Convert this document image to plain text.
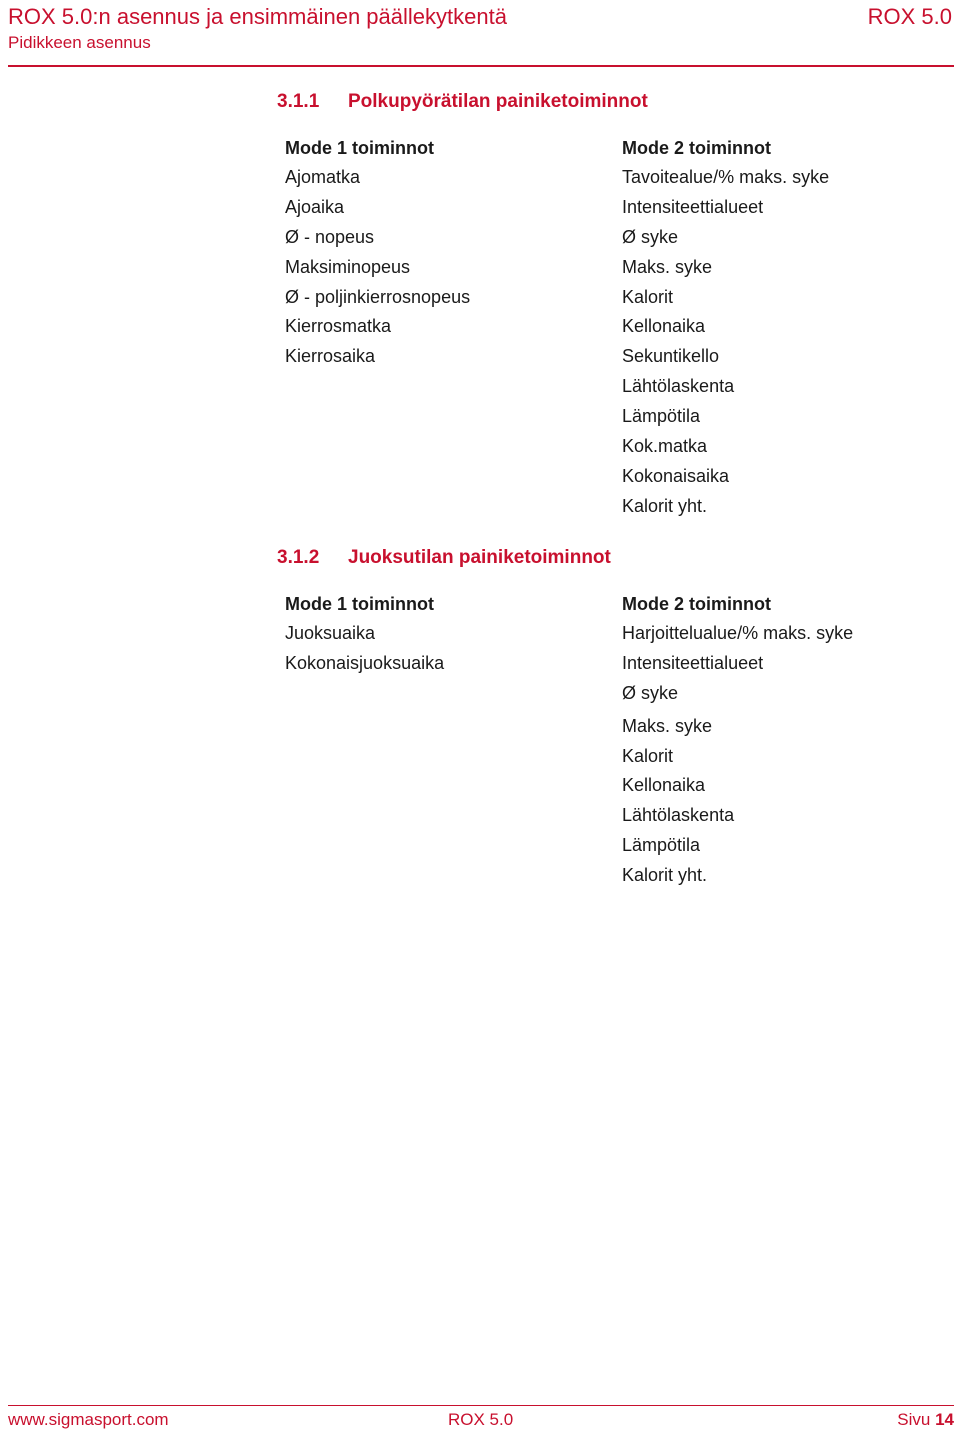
ROX 5.0:n asennus ja ensimmäinen päällekytkentä	ROX 5.0
Pidikkeen asennus
3.1.1 Polkupyörätilan painiketoiminnot
Mode 1 toiminnot
Ajomatka
Ajoaika
Ø - nopeus
Maksiminopeus
Ø - poljinkierrosnopeus
Kierrosmatka
Kierrosaika
Mode 2 toiminnot
Tavoitealue/% maks. syke
Intensiteettialueet
Ø syke
Maks. syke
Kalorit
Kellonaika
Sekuntikello
Lähtölaskenta
Lämpötila
Kok.matka
Kokonaisaika
Kalorit yht.
3.1.2 Juoksutilan painiketoiminnot
Mode 1 toiminnot
Juoksuaika
Kokonaisjuoksuaika
Mode 2 toiminnot
Harjoittelualue/% maks. syke
Intensiteettialueet
Ø syke
Maks. syke
Kalorit
Kellonaika
Lähtölaskenta
Lämpötila
Kalorit yht.
www.sigmasport.com	ROX 5.0	Sivu 14
